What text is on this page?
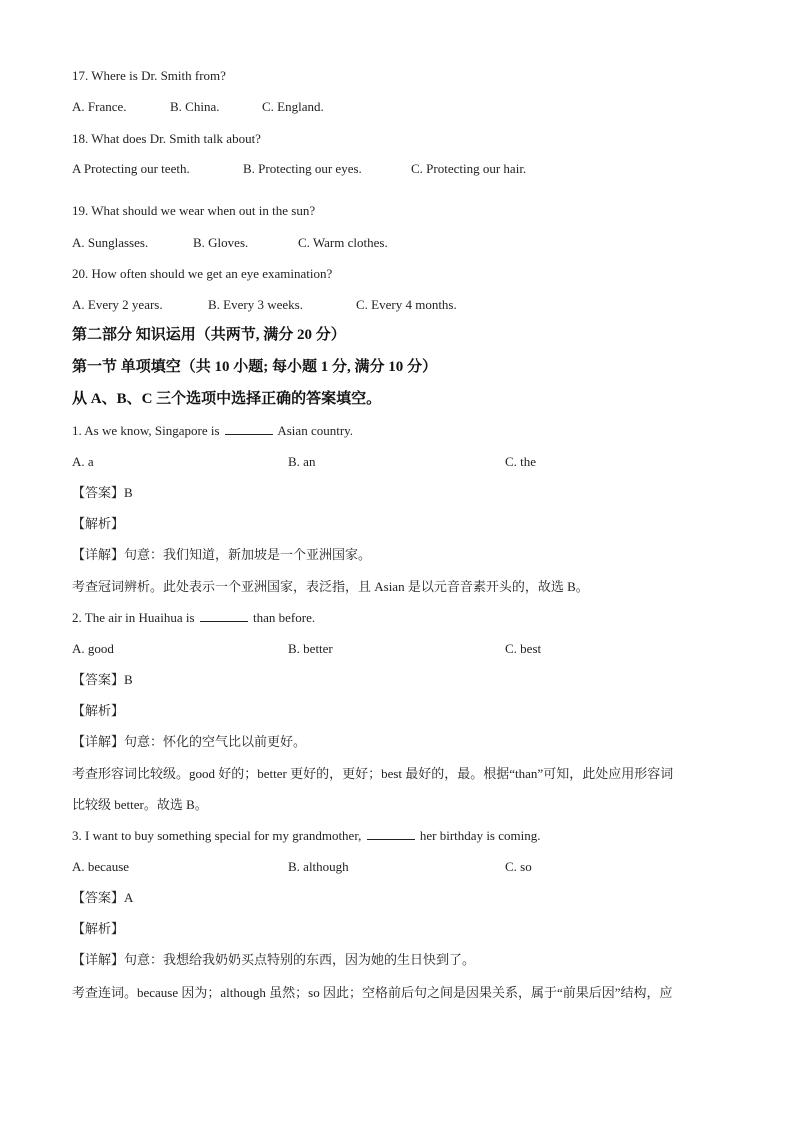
17. Where is Dr. Smith from?
A. France.	B. China.	C. England.
18. What does Dr. Smith talk about?
A Protecting our teeth.	B. Protecting our eyes.	C. Protecting our hair.
19. What should we wear when out in the sun?
A. Sunglasses.	B. Gloves.	C. Warm clothes.
20. How often should we get an eye examination?
A. Every 2 years.	B. Every 3 weeks.	C. Every 4 months.
第二部分 知识运用（共两节, 满分 20 分）
第一节 单项填空（共 10 小题; 每小题 1 分, 满分 10 分）
从 A、B、C 三个选项中选择正确的答案填空。
1. As we know, Singapore is	Asian country.
A. a	B. an	C. the
【答案】B
【解析】
【详解】句意：我们知道，新加坡是一个亚洲国家。
考查冠词辨析。此处表示一个亚洲国家，表泛指，且 Asian 是以元音音素开头的，故选 B。
2. The air in Huaihua is	than before.
A. good	B. better	C. best
【答案】B
【解析】
【详解】句意：怀化的空气比以前更好。
考查形容词比较级。good 好的；better 更好的，更好；best 最好的，最。根据“than”可知，此处应用形容词
比较级 better。故选 B。
3. I want to buy something special for my grandmother,	her birthday is coming.
A. because	B. although	C. so
【答案】A
【解析】
【详解】句意：我想给我奶奶买点特别的东西，因为她的生日快到了。
考查连词。because 因为；although 虽然；so 因此；空格前后句之间是因果关系，属于“前果后因”结构，应
